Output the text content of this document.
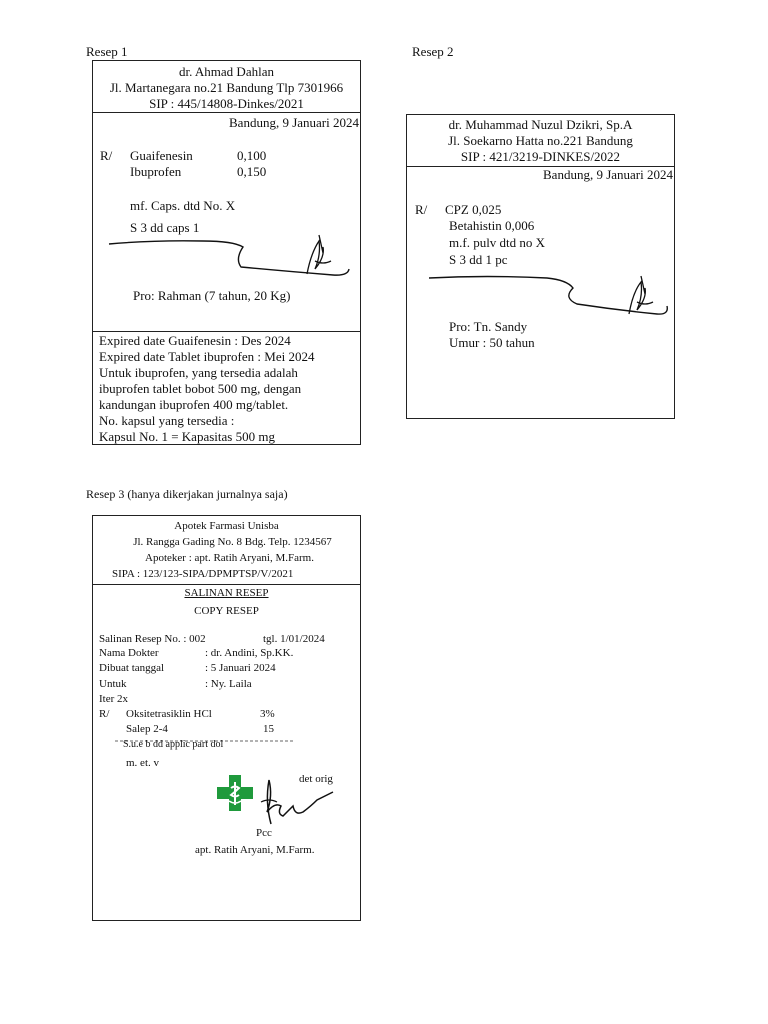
Resep 1
dr. Ahmad Dahlan
Jl. Martanegara no.21 Bandung Tlp 7301966
SIP : 445/14808-Dinkes/2021
Bandung, 9 Januari 2024
R/ Guaifenesin	0,100
Ibuprofen	0,150
mf. Caps. dtd No. X
S 3 dd caps 1
Pro: Rahman (7 tahun, 20 Kg)
Expired date Guaifenesin : Des 2024
Expired date Tablet ibuprofen : Mei 2024
Untuk ibuprofen, yang tersedia adalah
ibuprofen tablet bobot 500 mg, dengan
kandungan ibuprofen 400 mg/tablet.
No. kapsul yang tersedia :
Kapsul No. 1 = Kapasitas 500 mg
Resep 2
dr. Muhammad Nuzul Dzikri, Sp.A
Jl. Soekarno Hatta no.221 Bandung
SIP : 421/3219-DINKES/2022
Bandung, 9 Januari 2024
R/ CPZ 0,025
Betahistin 0,006
m.f. pulv dtd no X
S 3 dd 1 pc
Pro: Tn. Sandy
Umur : 50 tahun
Resep 3 (hanya dikerjakan jurnalnya saja)
Apotek Farmasi Unisba
Jl. Rangga Gading No. 8 Bdg. Telp. 1234567
Apoteker : apt. Ratih Aryani, M.Farm.
SIPA : 123/123-SIPA/DPMPTSP/V/2021
SALINAN RESEP
COPY RESEP
Salinan Resep No. : 002	tgl. 1/01/2024
Nama Dokter	: dr. Andini, Sp.KK.
Dibuat tanggal	: 5 Januari 2024
Untuk	: Ny. Laila
Iter 2x
R/ Oksitetrasiklin HCl	3%
Salep 2-4	15
S.u.e b dd applic part dol
m. et. v
det orig
Pcc
apt. Ratih Aryani, M.Farm.
